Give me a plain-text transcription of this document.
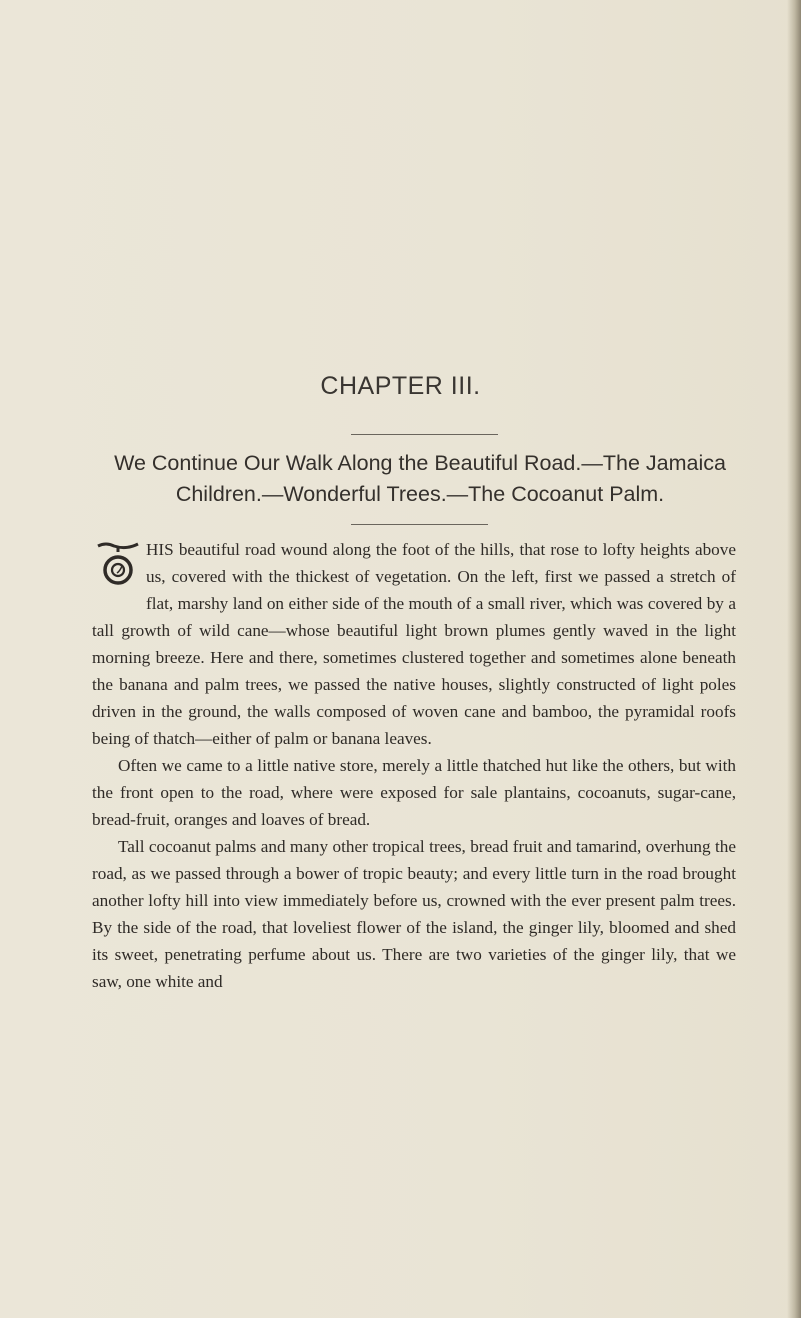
CHAPTER III.
We Continue Our Walk Along the Beautiful Road.—The Jamaica Children.—Wonderful Trees.—The Cocoanut Palm.

HIS beautiful road wound along the foot of the hills, that rose to lofty heights above us, covered with the thickest of vegetation. On the left, first we passed a stretch of flat, marshy land on either side of the mouth of a small river, which was covered by a tall growth of wild cane—whose beautiful light brown plumes gently waved in the light morning breeze. Here and there, sometimes clustered together and sometimes alone beneath the banana and palm trees, we passed the native houses, slightly constructed of light poles driven in the ground, the walls composed of woven cane and bamboo, the pyramidal roofs being of thatch—either of palm or banana leaves.

Often we came to a little native store, merely a little thatched hut like the others, but with the front open to the road, where were exposed for sale plantains, cocoanuts, sugar-cane, bread-fruit, oranges and loaves of bread.

Tall cocoanut palms and many other tropical trees, bread fruit and tamarind, overhung the road, as we passed through a bower of tropic beauty; and every little turn in the road brought another lofty hill into view immediately before us, crowned with the ever present palm trees. By the side of the road, that loveliest flower of the island, the ginger lily, bloomed and shed its sweet, penetrating perfume about us. There are two varieties of the ginger lily, that we saw, one white and
